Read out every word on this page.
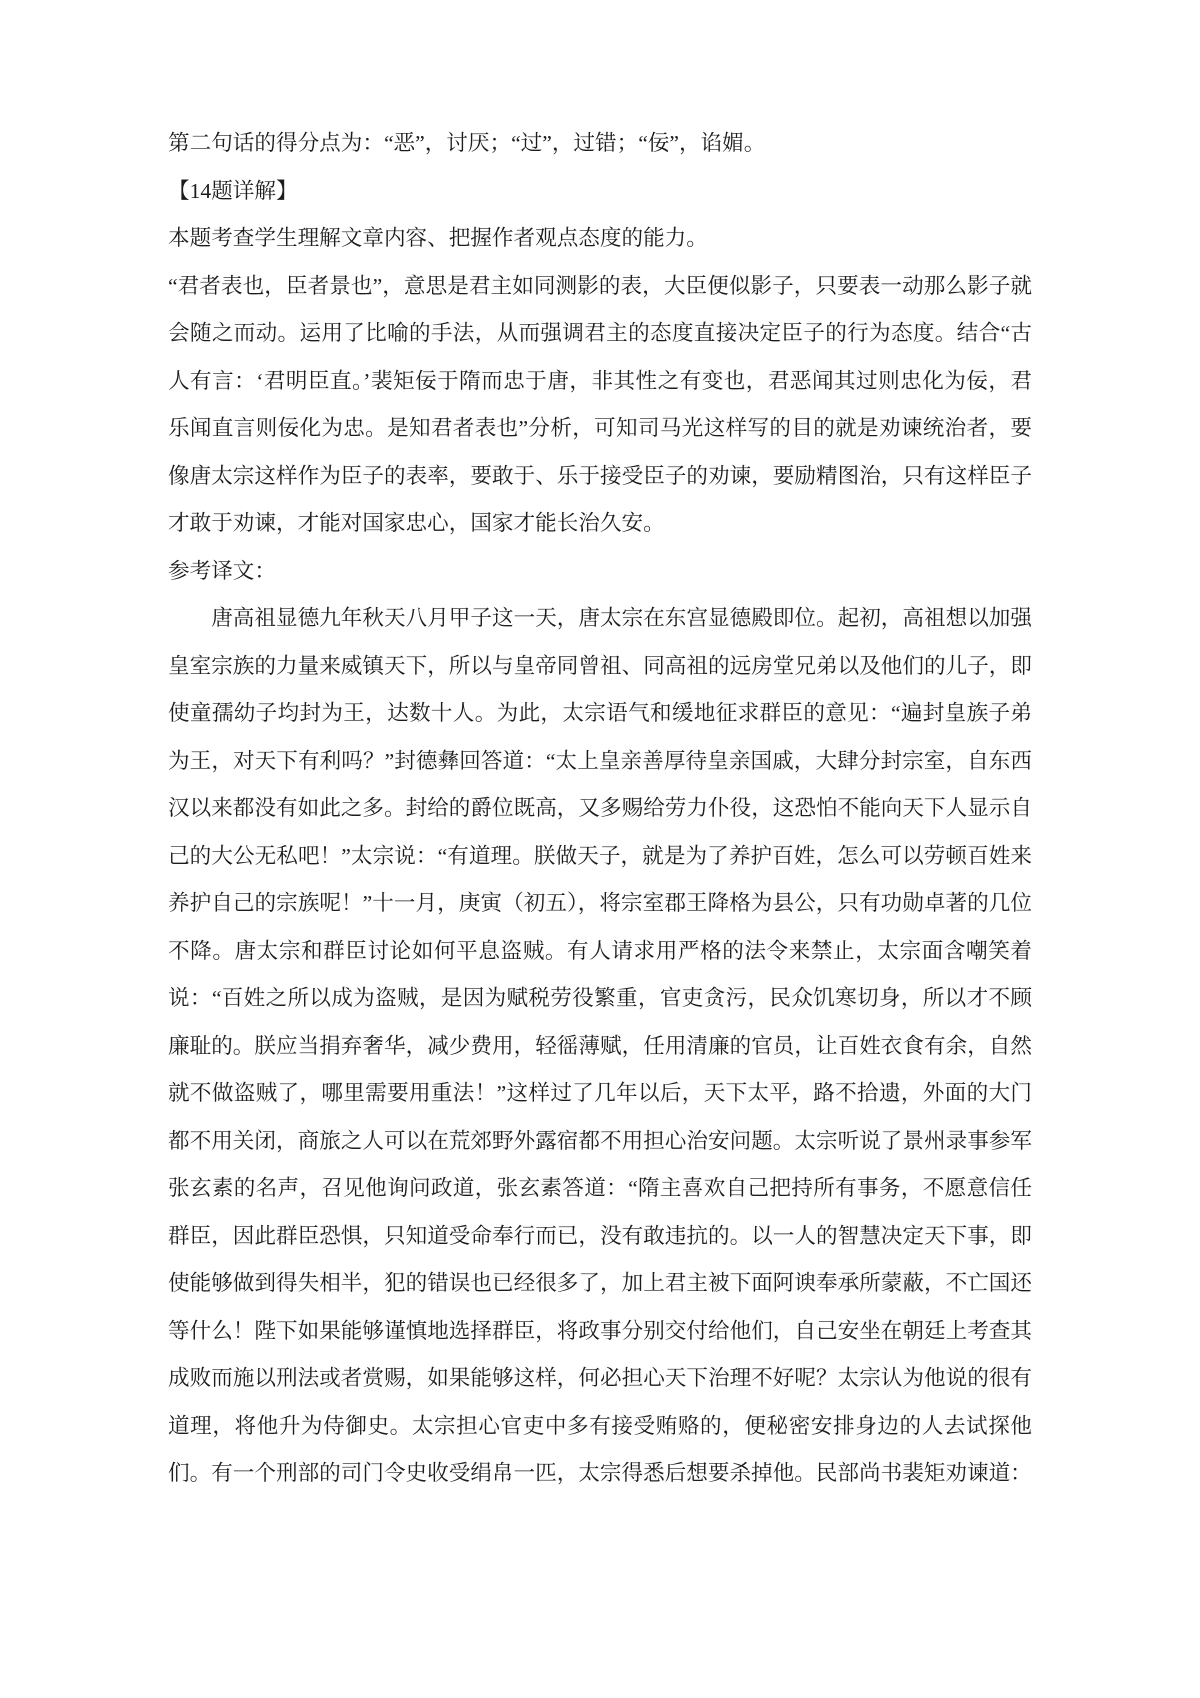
第二句话的得分点为：“恶”，讨厌；“过”，过错；“佞”，谄媚。

【14题详解】

本题考查学生理解文章内容、把握作者观点态度的能力。

“君者表也，臣者景也”，意思是君主如同测影的表，大臣便似影子，只要表一动那么影子就会随之而动。运用了比喻的手法，从而强调君主的态度直接决定臣子的行为态度。结合“古人有言：‘君明臣直。’裴矩佞于隋而忠于唐，非其性之有变也，君恶闻其过则忠化为佞，君乐闻直言则佞化为忠。是知君者表也”分析，可知司马光这样写的目的就是劝谏统治者，要像唐太宗这样作为臣子的表率，要敢于、乐于接受臣子的劝谏，要励精图治，只有这样臣子才敢于劝谏，才能对国家忠心，国家才能长治久安。

参考译文：

唐高祖显德九年秋天八月甲子这一天，唐太宗在东宫显德殿即位。起初，高祖想以加强皇室宗族的力量来威镇天下，所以与皇帝同曾祖、同高祖的远房堂兄弟以及他们的儿子，即使童孺幼子均封为王，达数十人。为此，太宗语气和缓地征求群臣的意见：“遍封皇族子弟为王，对天下有利吗？”封德彝回答道：“太上皇亲善厚待皇亲国戚，大肆分封宗室，自东西汉以来都没有如此之多。封给的爵位既高，又多赐给劳力仆役，这恐怕不能向天下人显示自己的大公无私吧！”太宗说：“有道理。朕做天子，就是为了养护百姓，怎么可以劳顿百姓来养护自己的宗族呢！”十一月，庚寅（初五），将宗室郡王降格为县公，只有功勋卓著的几位不降。唐太宗和群臣讨论如何平息盗贼。有人请求用严格的法令来禁止，太宗面含嘲笑着说：“百姓之所以成为盗贼，是因为赋税劳役繁重，官吏贪污，民众饥寒切身，所以才不顾廉耻的。朕应当捐弃奢华，减少费用，轻徭薄赋，任用清廉的官员，让百姓衣食有余，自然就不做盗贼了，哪里需要用重法！”这样过了几年以后，天下太平，路不拾遗，外面的大门都不用关闭，商旅之人可以在荒郊野外露宿都不用担心治安问题。太宗听说了景州录事参军张玄素的名声，召见他询问政道，张玄素答道：“隋主喜欢自己把持所有事务，不愿意信任群臣，因此群臣恐惧，只知道受命奉行而已，没有敢违抗的。以一人的智慧决定天下事，即使能够做到得失相半，犯的错误也已经很多了，加上君主被下面阿谀奉承所蒙蔽，不亡国还等什么！陛下如果能够谨慎地选择群臣，将政事分别交付给他们，自己安坐在朝廷上考查其成败而施以刑法或者赏赐，如果能够这样，何必担心天下治理不好呢？太宗认为他说的很有道理，将他升为侍御史。太宗担心官吏中多有接受贿赂的，便秘密安排身边的人去试探他们。有一个刑部的司门令史收受绢帛一匹，太宗得悉后想要杀掉他。民部尚书裴矩劝谏道：
